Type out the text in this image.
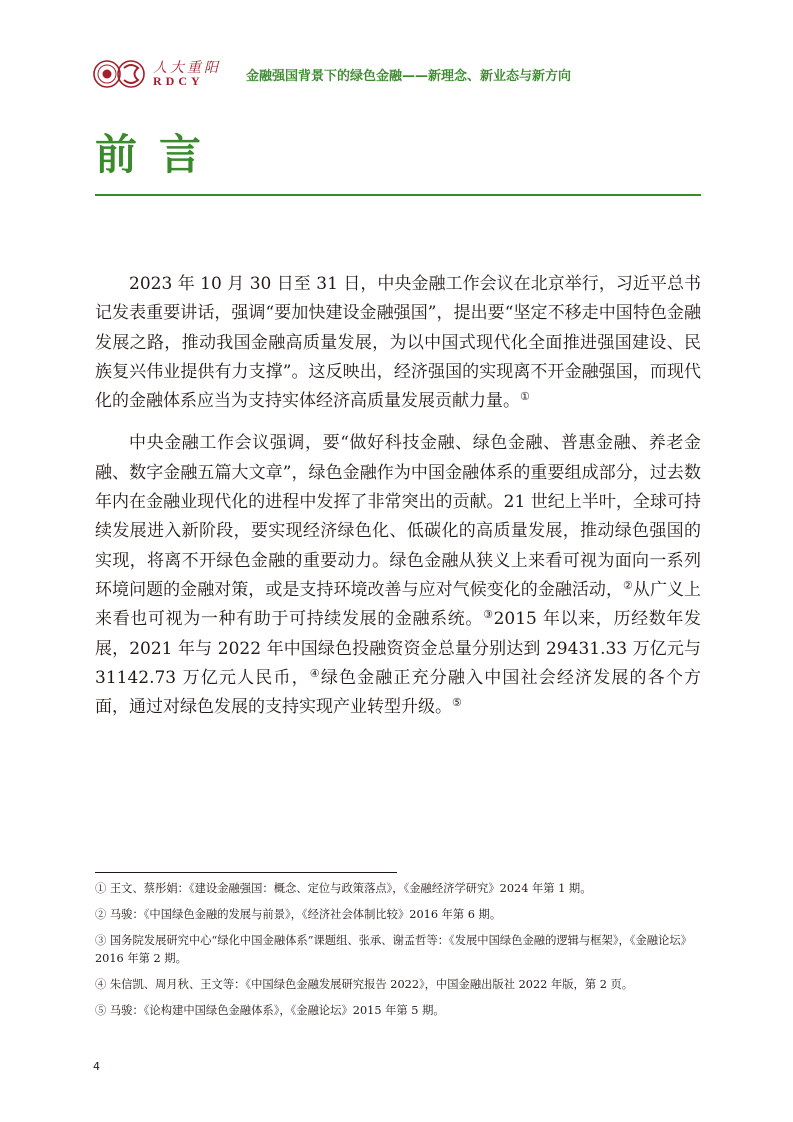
人大重阳
RDCY	金融强国背景下的绿色金融——新理念、新业态与新方向
前言

2023 年 10 月 30 日至 31 日，中央金融工作会议在北京举行，习近平总书记发表重要讲话，强调“要加快建设金融强国”，提出要“坚定不移走中国特色金融发展之路，推动我国金融高质量发展，为以中国式现代化全面推进强国建设、民族复兴伟业提供有力支撑”。这反映出，经济强国的实现离不开金融强国，而现代化的金融体系应当为支持实体经济高质量发展贡献力量。①

中央金融工作会议强调，要“做好科技金融、绿色金融、普惠金融、养老金融、数字金融五篇大文章”，绿色金融作为中国金融体系的重要组成部分，过去数年内在金融业现代化的进程中发挥了非常突出的贡献。21 世纪上半叶，全球可持续发展进入新阶段，要实现经济绿色化、低碳化的高质量发展，推动绿色强国的实现，将离不开绿色金融的重要动力。绿色金融从狭义上来看可视为面向一系列环境问题的金融对策，或是支持环境改善与应对气候变化的金融活动，②从广义上来看也可视为一种有助于可持续发展的金融系统。③2015 年以来，历经数年发展，2021 年与 2022 年中国绿色投融资资金总量分别达到 29431.33 万亿元与 31142.73 万亿元人民币，④绿色金融正充分融入中国社会经济发展的各个方面，通过对绿色发展的支持实现产业转型升级。⑤

① 王文、蔡彤娟：《建设金融强国：概念、定位与政策落点》，《金融经济学研究》2024 年第 1 期。

② 马骏：《中国绿色金融的发展与前景》，《经济社会体制比较》2016 年第 6 期。

③ 国务院发展研究中心“绿化中国金融体系”课题组、张承、谢孟哲等：《发展中国绿色金融的逻辑与框架》，《金融论坛》2016 年第 2 期。

④ 朱信凯、周月秋、王文等：《中国绿色金融发展研究报告 2022》，中国金融出版社 2022 年版，第 2 页。

⑤ 马骏：《论构建中国绿色金融体系》，《金融论坛》2015 年第 5 期。

4
